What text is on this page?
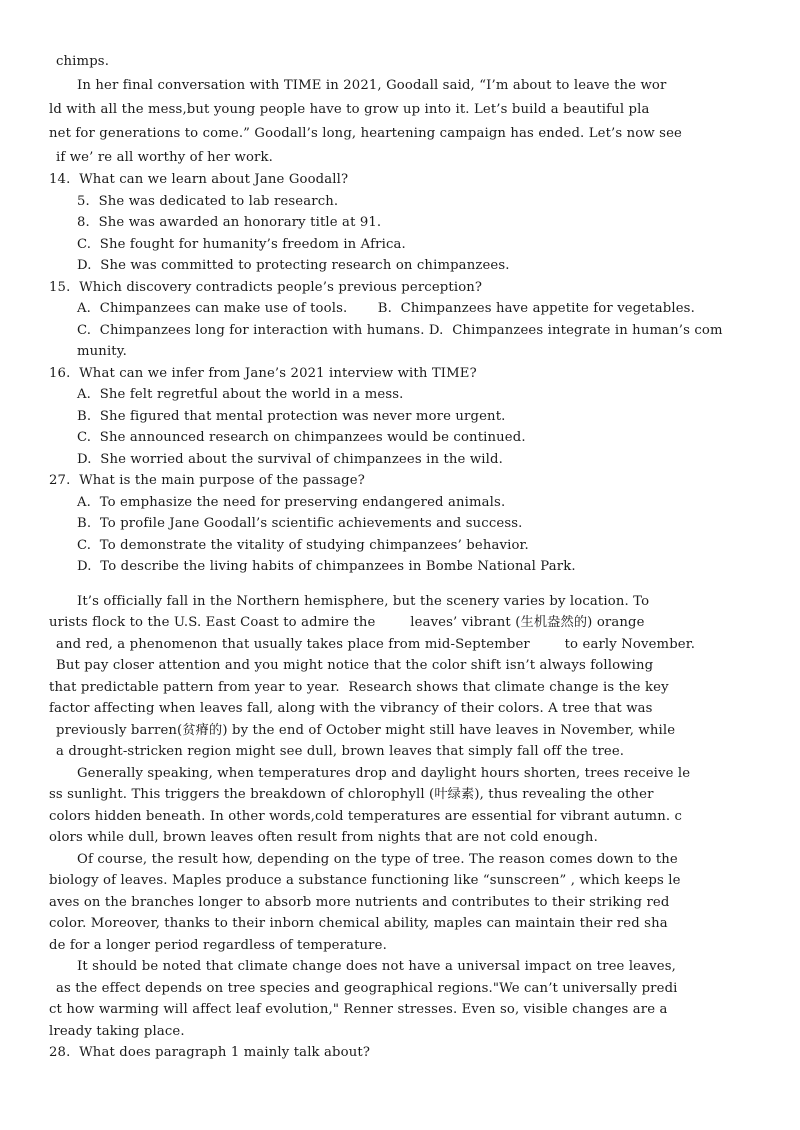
chimps.
In her final conversation with TIME in 2021, Goodall said, “I’m about to leave the wor
ld with all the mess,but young people have to grow up into it. Let’s build a beautiful pla
net for generations to come.” Goodall’s long, heartening campaign has ended. Let’s now see
if we’ re all worthy of her work.
14.  What can we learn about Jane Goodall?
5.  She was dedicated to lab research.
8.  She was awarded an honorary title at 91.
C.  She fought for humanity’s freedom in Africa.
D.  She was committed to protecting research on chimpanzees.
15.  Which discovery contradicts people’s previous perception?
A.  Chimpanzees can make use of tools.       B.  Chimpanzees have appetite for vegetables.
C.  Chimpanzees long for interaction with humans. D.  Chimpanzees integrate in human’s com
munity.
16.  What can we infer from Jane’s 2021 interview with TIME?
A.  She felt regretful about the world in a mess.
B.  She figured that mental protection was never more urgent.
C.  She announced research on chimpanzees would be continued.
D.  She worried about the survival of chimpanzees in the wild.
27.  What is the main purpose of the passage?
A.  To emphasize the need for preserving endangered animals.
B.  To profile Jane Goodall’s scientific achievements and success.
C.  To demonstrate the vitality of studying chimpanzees’ behavior.
D.  To describe the living habits of chimpanzees in Bombe National Park.
It’s officially fall in the Northern hemisphere, but the scenery varies by location. To
urists flock to the U.S. East Coast to admire the        leaves’ vibrant (生机盎然的) orange
and red, a phenomenon that usually takes place from mid-September        to early November.
But pay closer attention and you might notice that the color shift isn’t always following
that predictable pattern from year to year.  Research shows that climate change is the key
factor affecting when leaves fall, along with the vibrancy of their colors. A tree that was
previously barren(贫瘠的) by the end of October might still have leaves in November, while
a drought-stricken region might see dull, brown leaves that simply fall off the tree.
Generally speaking, when temperatures drop and daylight hours shorten, trees receive le
ss sunlight. This triggers the breakdown of chlorophyll (叶绿素), thus revealing the other
colors hidden beneath. In other words,cold temperatures are essential for vibrant autumn. c
olors while dull, brown leaves often result from nights that are not cold enough.
Of course, the result how, depending on the type of tree. The reason comes down to the
biology of leaves. Maples produce a substance functioning like “sunscreen” , which keeps le
aves on the branches longer to absorb more nutrients and contributes to their striking red
color. Moreover, thanks to their inborn chemical ability, maples can maintain their red sha
de for a longer period regardless of temperature.
It should be noted that climate change does not have a universal impact on tree leaves,
as the effect depends on tree species and geographical regions."We can’t universally predi
ct how warming will affect leaf evolution," Renner stresses. Even so, visible changes are a
lready taking place.
28.  What does paragraph 1 mainly talk about?
